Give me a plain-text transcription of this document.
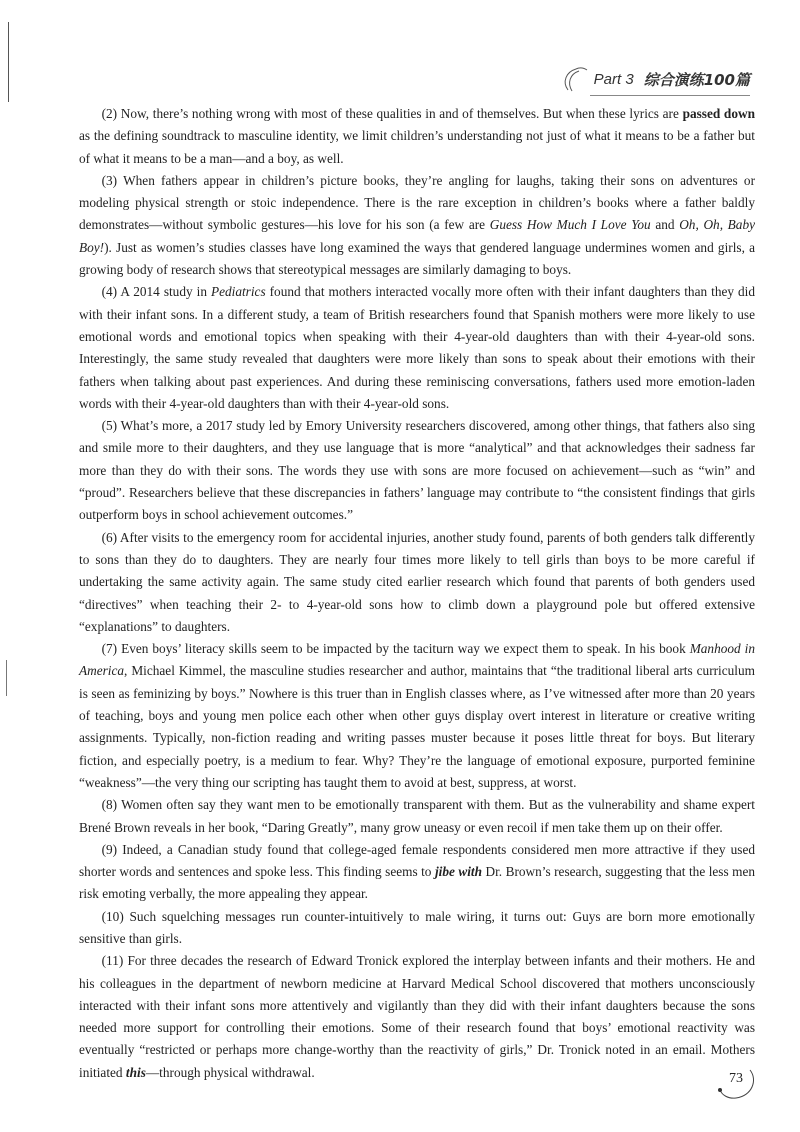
Part 3 综合演练100篇

(2) Now, there’s nothing wrong with most of these qualities in and of themselves. But when these lyrics are passed down as the defining soundtrack to masculine identity, we limit children’s understanding not just of what it means to be a father but of what it means to be a man—and a boy, as well.

(3) When fathers appear in children’s picture books, they’re angling for laughs, taking their sons on adventures or modeling physical strength or stoic independence. There is the rare exception in children’s books where a father baldly demonstrates—without symbolic gestures—his love for his son (a few are Guess How Much I Love You and Oh, Oh, Baby Boy!). Just as women’s studies classes have long examined the ways that gendered language undermines women and girls, a growing body of research shows that stereotypical messages are similarly damaging to boys.

(4) A 2014 study in Pediatrics found that mothers interacted vocally more often with their infant daughters than they did with their infant sons. In a different study, a team of British researchers found that Spanish mothers were more likely to use emotional words and emotional topics when speaking with their 4-year-old daughters than with their 4-year-old sons. Interestingly, the same study revealed that daughters were more likely than sons to speak about their emotions with their fathers when talking about past experiences. And during these reminiscing conversations, fathers used more emotion-laden words with their 4-year-old daughters than with their 4-year-old sons.

(5) What’s more, a 2017 study led by Emory University researchers discovered, among other things, that fathers also sing and smile more to their daughters, and they use language that is more “analytical” and that acknowledges their sadness far more than they do with their sons. The words they use with sons are more focused on achievement—such as “win” and “proud”. Researchers believe that these discrepancies in fathers’ language may contribute to “the consistent findings that girls outperform boys in school achievement outcomes.”

(6) After visits to the emergency room for accidental injuries, another study found, parents of both genders talk differently to sons than they do to daughters. They are nearly four times more likely to tell girls than boys to be more careful if undertaking the same activity again. The same study cited earlier research which found that parents of both genders used “directives” when teaching their 2- to 4-year-old sons how to climb down a playground pole but offered extensive “explanations” to daughters.

(7) Even boys’ literacy skills seem to be impacted by the taciturn way we expect them to speak. In his book Manhood in America, Michael Kimmel, the masculine studies researcher and author, maintains that “the traditional liberal arts curriculum is seen as feminizing by boys.” Nowhere is this truer than in English classes where, as I’ve witnessed after more than 20 years of teaching, boys and young men police each other when other guys display overt interest in literature or creative writing assignments. Typically, non-fiction reading and writing passes muster because it poses little threat for boys. But literary fiction, and especially poetry, is a medium to fear. Why? They’re the language of emotional exposure, purported feminine “weakness”—the very thing our scripting has taught them to avoid at best, suppress, at worst.

(8) Women often say they want men to be emotionally transparent with them. But as the vulnerability and shame expert Brené Brown reveals in her book, “Daring Greatly”, many grow uneasy or even recoil if men take them up on their offer.

(9) Indeed, a Canadian study found that college-aged female respondents considered men more attractive if they used shorter words and sentences and spoke less. This finding seems to jibe with Dr. Brown’s research, suggesting that the less men risk emoting verbally, the more appealing they appear.

(10) Such squelching messages run counter-intuitively to male wiring, it turns out: Guys are born more emotionally sensitive than girls.

(11) For three decades the research of Edward Tronick explored the interplay between infants and their mothers. He and his colleagues in the department of newborn medicine at Harvard Medical School discovered that mothers unconsciously interacted with their infant sons more attentively and vigilantly than they did with their infant daughters because the sons needed more support for controlling their emotions. Some of their research found that boys’ emotional reactivity was eventually “restricted or perhaps more change-worthy than the reactivity of girls,” Dr. Tronick noted in an email. Mothers initiated this—through physical withdrawal.	73
